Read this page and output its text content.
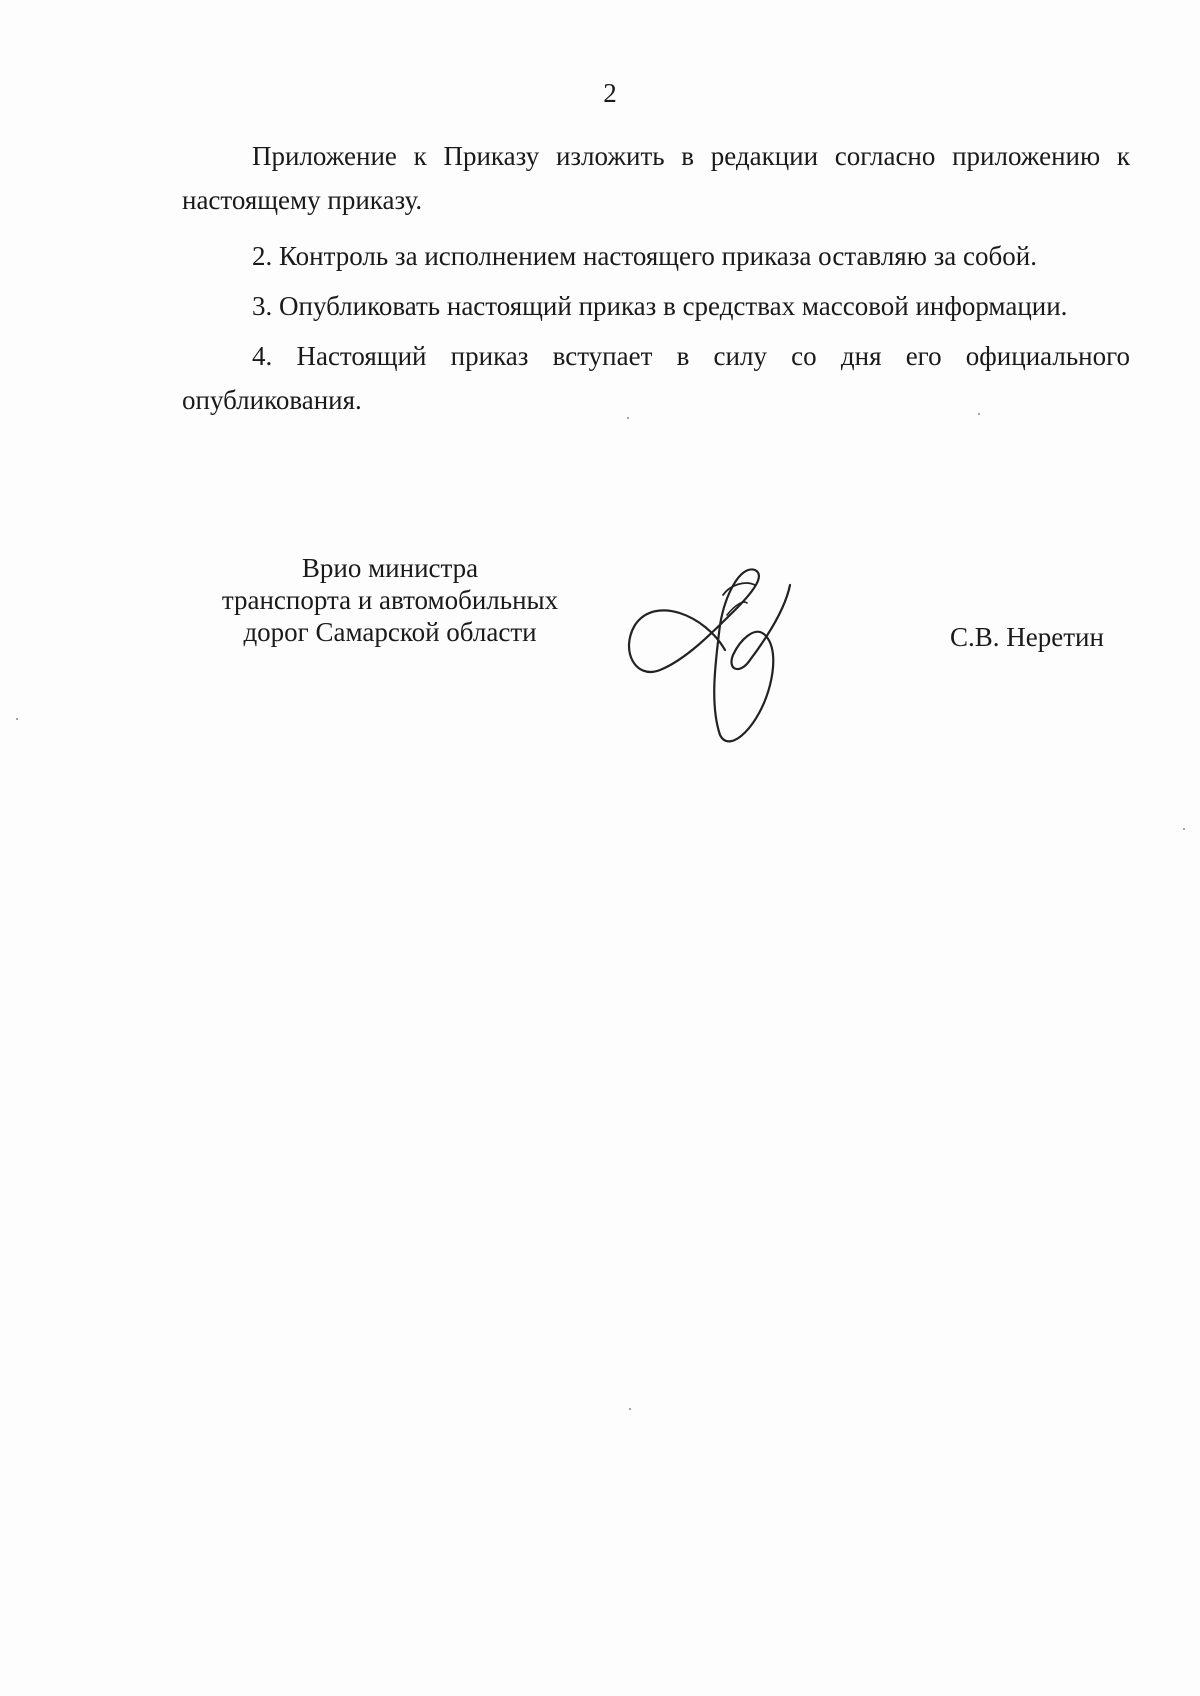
2

Приложение к Приказу изложить в редакции согласно приложению к настоящему приказу.

2. Контроль за исполнением настоящего приказа оставляю за собой.

3. Опубликовать настоящий приказ в средствах массовой информации.

4. Настоящий приказ вступает в силу со дня его официального опубликования.

Врио министра
транспорта и автомобильных
дорог Самарской области	С.В. Неретин
